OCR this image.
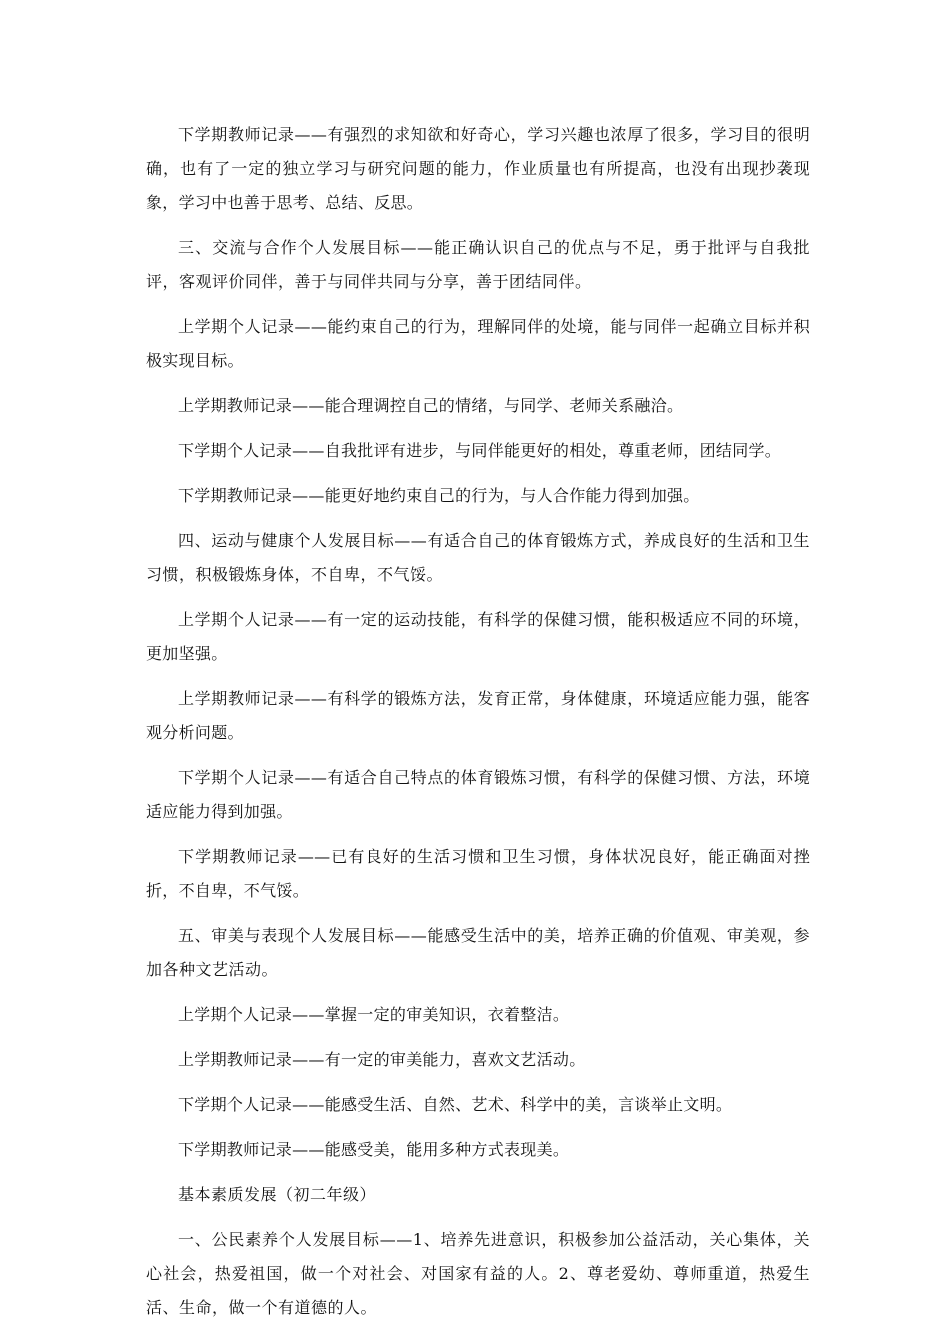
下学期教师记录——有强烈的求知欲和好奇心，学习兴趣也浓厚了很多，学习目的很明确，也有了一定的独立学习与研究问题的能力，作业质量也有所提高，也没有出现抄袭现象，学习中也善于思考、总结、反思。

三、交流与合作个人发展目标——能正确认识自己的优点与不足，勇于批评与自我批评，客观评价同伴，善于与同伴共同与分享，善于团结同伴。

上学期个人记录——能约束自己的行为，理解同伴的处境，能与同伴一起确立目标并积极实现目标。

上学期教师记录——能合理调控自己的情绪，与同学、老师关系融洽。

下学期个人记录——自我批评有进步，与同伴能更好的相处，尊重老师，团结同学。

下学期教师记录——能更好地约束自己的行为，与人合作能力得到加强。

四、运动与健康个人发展目标——有适合自己的体育锻炼方式，养成良好的生活和卫生习惯，积极锻炼身体，不自卑，不气馁。

上学期个人记录——有一定的运动技能，有科学的保健习惯，能积极适应不同的环境，更加坚强。

上学期教师记录——有科学的锻炼方法，发育正常，身体健康，环境适应能力强，能客观分析问题。

下学期个人记录——有适合自己特点的体育锻炼习惯，有科学的保健习惯、方法，环境适应能力得到加强。

下学期教师记录——已有良好的生活习惯和卫生习惯，身体状况良好，能正确面对挫折，不自卑，不气馁。

五、审美与表现个人发展目标——能感受生活中的美，培养正确的价值观、审美观，参加各种文艺活动。

上学期个人记录——掌握一定的审美知识，衣着整洁。

上学期教师记录——有一定的审美能力，喜欢文艺活动。

下学期个人记录——能感受生活、自然、艺术、科学中的美，言谈举止文明。

下学期教师记录——能感受美，能用多种方式表现美。

基本素质发展（初二年级）

一、公民素养个人发展目标——1、培养先进意识，积极参加公益活动，关心集体，关心社会，热爱祖国，做一个对社会、对国家有益的人。2、尊老爱幼、尊师重道，热爱生活、生命，做一个有道德的人。
